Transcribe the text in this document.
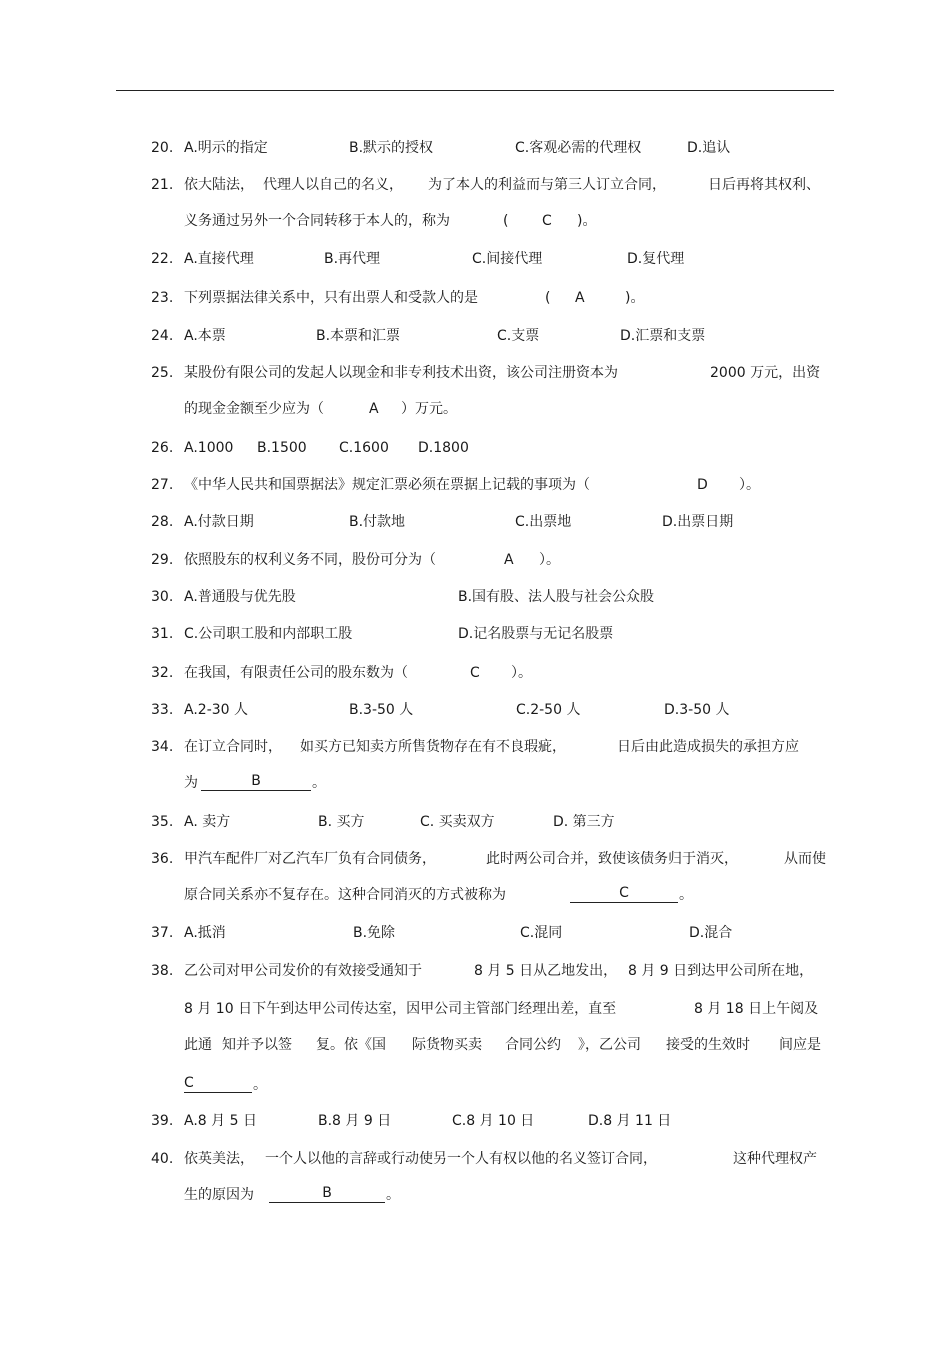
20. A.明示的指定	B.默示的授权	C.客观必需的代理权	D.追认
21. 依大陆法， 代理人以自己的名义， 为了本人的利益而与第三人订立合同，	日后再将其权利、
义务通过另外一个合同转移于本人的，称为	( C )。
22. A.直接代理	B.再代理	C.间接代理	D.复代理
23. 下列票据法律关系中，只有出票人和受款人的是	( A	)。
24. A.本票	B.本票和汇票	C.支票	D.汇票和支票
25. 某股份有限公司的发起人以现金和非专利技术出资，该公司注册资本为	2000 万元，出资
的现金金额至少应为（	A ）万元。
26. A.1000 B.1500 C.1600 D.1800
27. 《中华人民共和国票据法》规定汇票必须在票据上记载的事项为（	D ）。
28. A.付款日期	B.付款地	C.出票地	D.出票日期
29. 依照股东的权利义务不同，股份可分为（	A ）。
30. A.普通股与优先股	B.国有股、法人股与社会公众股
31. C.公司职工股和内部职工股	D.记名股票与无记名股票
32. 在我国，有限责任公司的股东数为（	C ）。
33. A.2-30 人	B.3-50 人	C.2-50 人	D.3-50 人
34. 在订立合同时， 如买方已知卖方所售货物存在有不良瑕疵，	日后由此造成损失的承担方应
为	B	。
35. A. 卖方	B. 买方	C. 买卖双方	D. 第三方
36. 甲汽车配件厂对乙汽车厂负有合同债务，	此时两公司合并，致使该债务归于消灭，	从而使
原合同关系亦不复存在。这种合同消灭的方式被称为	C	。
37. A.抵消	B.免除	C.混同	D.混合
38. 乙公司对甲公司发价的有效接受通知于	8 月 5 日从乙地发出， 8 月 9 日到达甲公司所在地，
8 月 10 日下午到达甲公司传达室，因甲公司主管部门经理出差，直至	8 月 18 日上午阅及
此通 知并予以签 复。依《国 际货物买卖 合同公约 》，乙公司 接受的生效时 间应是
C	。
39. A.8 月 5 日	B.8 月 9 日	C.8 月 10 日	D.8 月 11 日
40. 依英美法， 一个人以他的言辞或行动使另一个人有权以他的名义签订合同，	这种代理权产
生的原因为	B	。
